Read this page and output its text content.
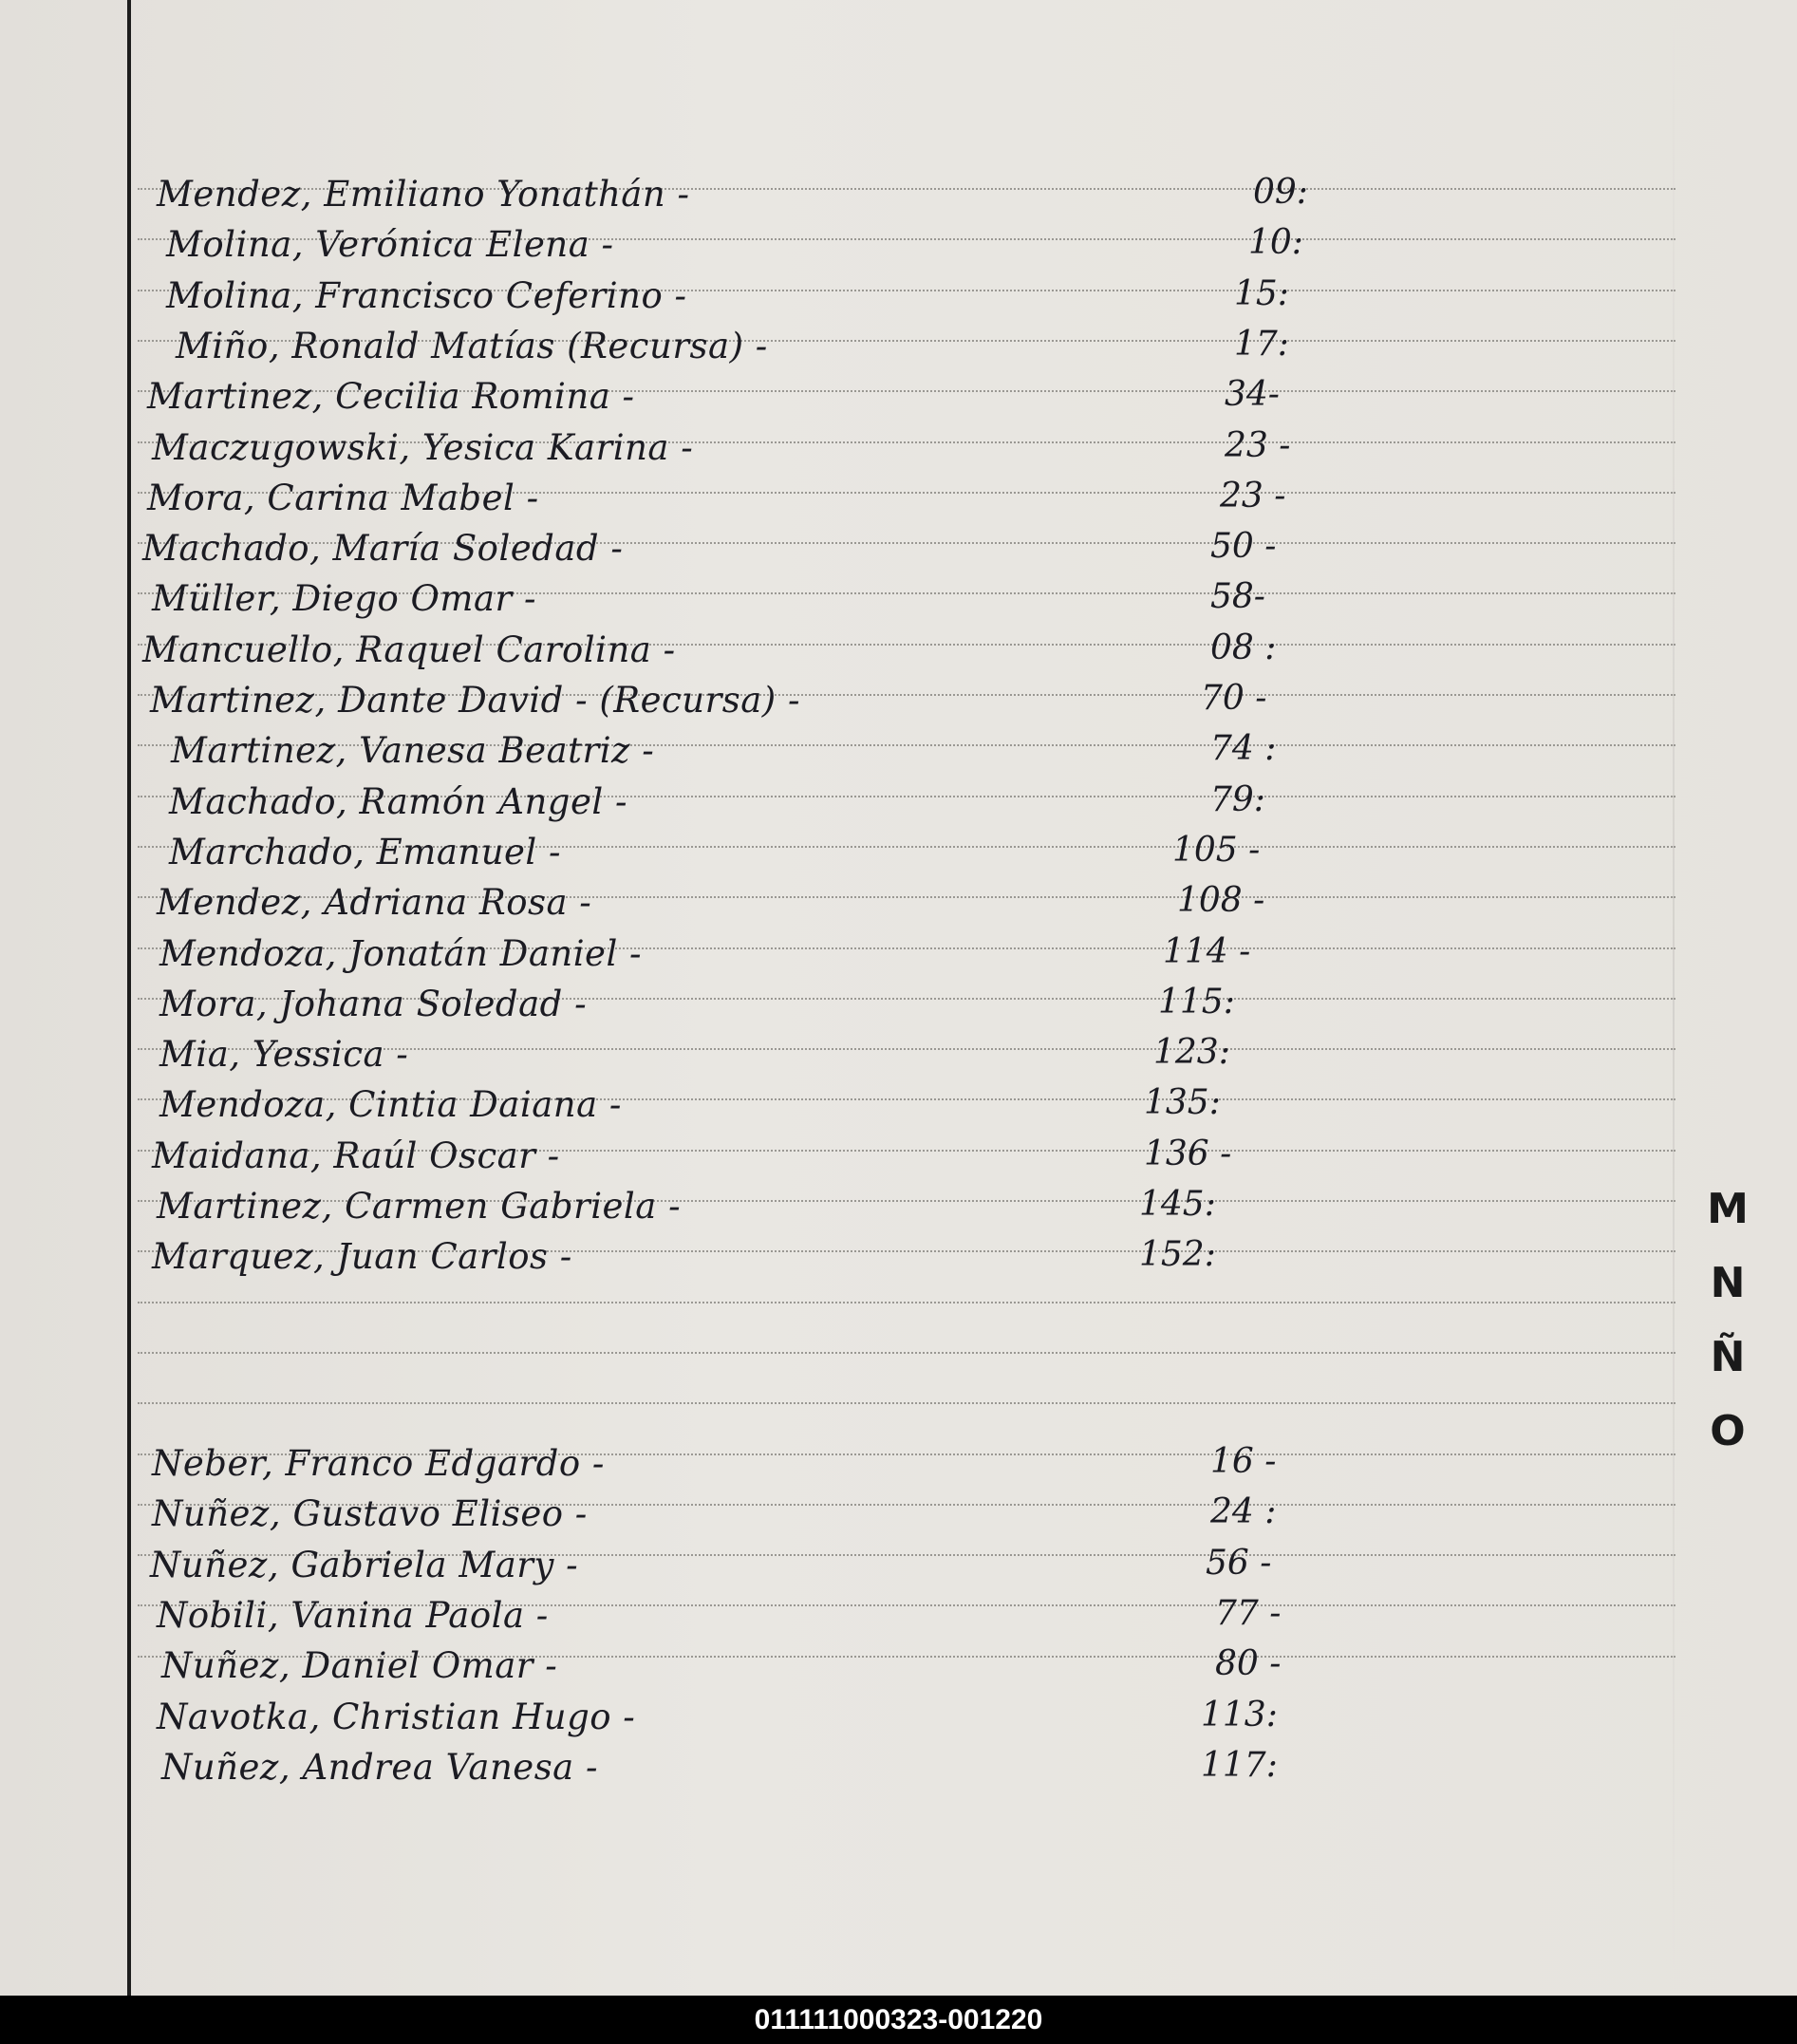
Mendez, Emiliano Yonathán -	09:
Molina, Verónica Elena -	10:
Molina, Francisco Ceferino -	15:
Miño, Ronald Matías (Recursa) -	17:
Martinez, Cecilia Romina -	34-
Maczugowski, Yesica Karina -	23 -
Mora, Carina Mabel -	23 -
Machado, María Soledad -	50 -
Müller, Diego Omar -	58-
Mancuello, Raquel Carolina -	08 :
Martinez, Dante David - (Recursa) -	70 -
Martinez, Vanesa Beatriz -	74 :
Machado, Ramón Angel -	79:
Marchado, Emanuel -	105 -
Mendez, Adriana Rosa -	108 -
Mendoza, Jonatán Daniel -	114 -
Mora, Johana Soledad -	115:
Mia, Yessica -	123:
Mendoza, Cintia Daiana -	135:
Maidana, Raúl Oscar -	136 -
Martinez, Carmen Gabriela -	145:
Marquez, Juan Carlos -	152:
Neber, Franco Edgardo -	16 -
Nuñez, Gustavo Eliseo -	24 :
Nuñez, Gabriela Mary -	56 -
Nobili, Vanina Paola -	77 -
Nuñez, Daniel Omar -	80 -
Navotka, Christian Hugo -	113:
Nuñez, Andrea Vanesa -	117:
M
N
Ñ
O
011111000323-001220
